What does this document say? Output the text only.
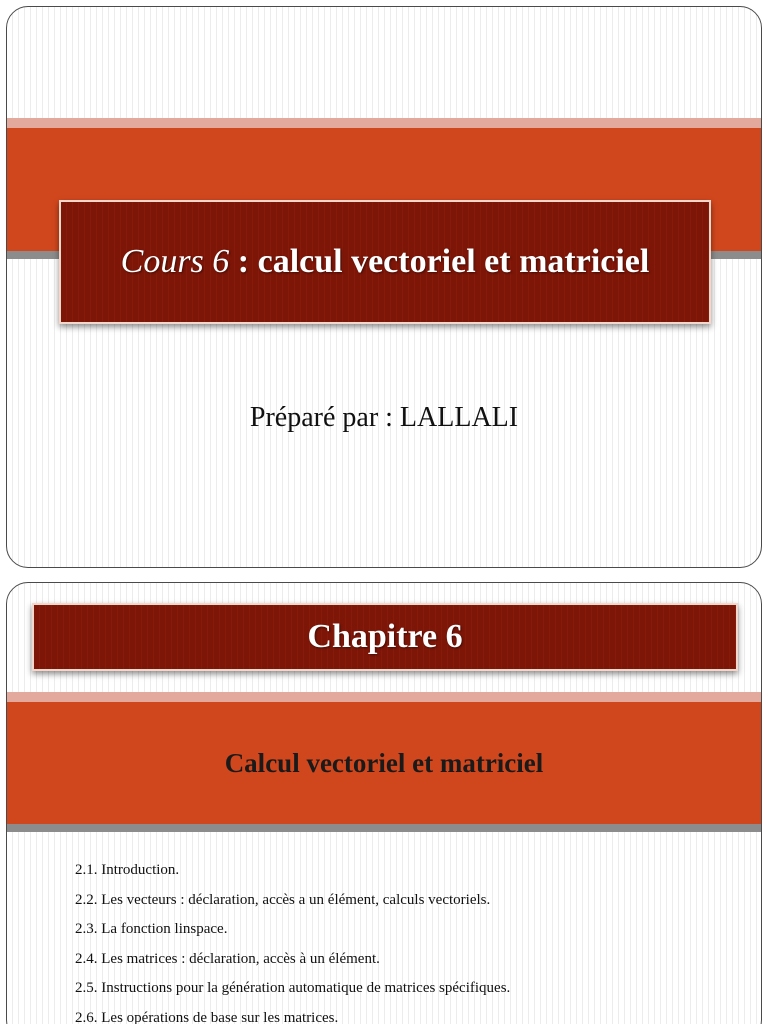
Cours 6 : calcul vectoriel et matriciel
Préparé par : LALLALI
Chapitre 6
Calcul vectoriel et matriciel
2.1. Introduction.
2.2. Les vecteurs : déclaration, accès a un élément, calculs vectoriels.
2.3. La fonction linspace.
2.4. Les matrices : déclaration, accès à un élément.
2.5. Instructions pour la génération automatique de matrices spécifiques.
2.6. Les opérations de base sur les matrices.
